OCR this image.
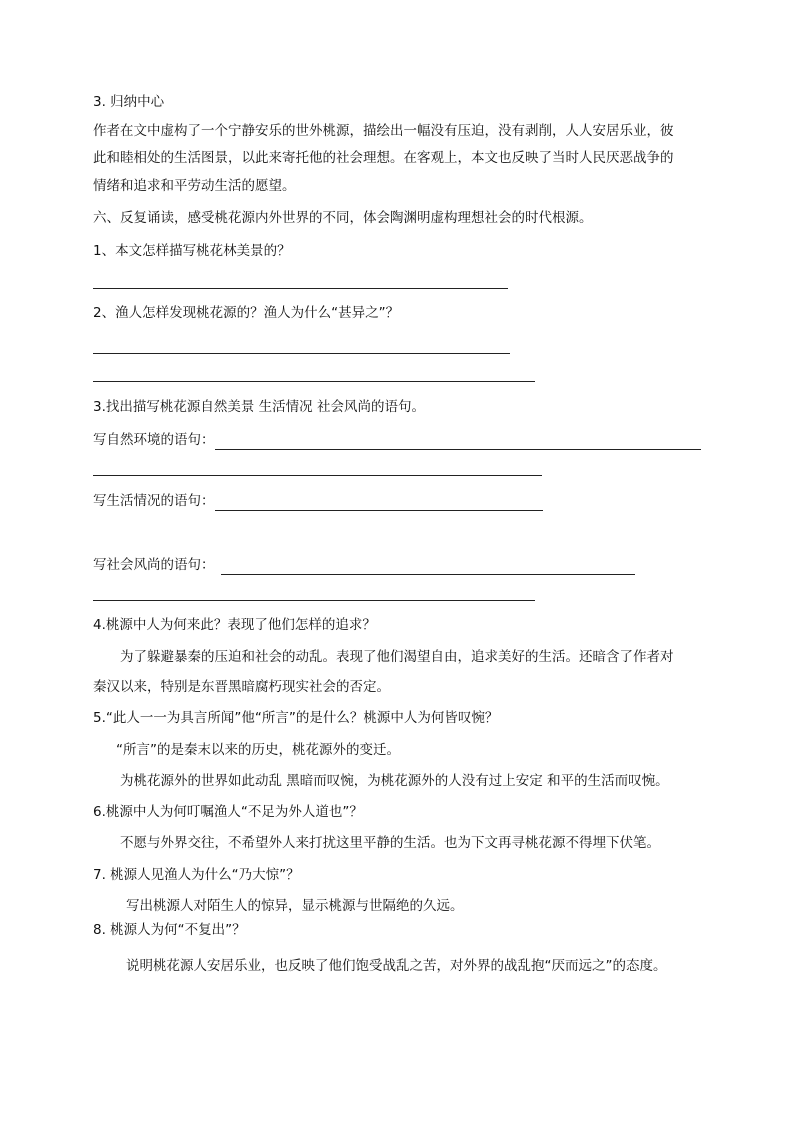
3. 归纳中心
作者在文中虚构了一个宁静安乐的世外桃源，描绘出一幅没有压迫，没有剥削，人人安居乐业，彼
此和睦相处的生活图景，以此来寄托他的社会理想。在客观上，本文也反映了当时人民厌恶战争的
情绪和追求和平劳动生活的愿望。
六、反复诵读，感受桃花源内外世界的不同，体会陶渊明虚构理想社会的时代根源。
1、本文怎样描写桃花林美景的？
2、渔人怎样发现桃花源的？渔人为什么“甚异之”？
3.找出描写桃花源自然美景 生活情况 社会风尚的语句。
写自然环境的语句：
写生活情况的语句：
写社会风尚的语句：
4.桃源中人为何来此？表现了他们怎样的追求？
为了躲避暴秦的压迫和社会的动乱。表现了他们渴望自由，追求美好的生活。还暗含了作者对
秦汉以来，特别是东晋黑暗腐朽现实社会的否定。
5.“此人一一为具言所闻”他“所言”的是什么？桃源中人为何皆叹惋？
“所言”的是秦末以来的历史，桃花源外的变迁。
为桃花源外的世界如此动乱 黑暗而叹惋，为桃花源外的人没有过上安定 和平的生活而叹惋。
6.桃源中人为何叮嘱渔人“不足为外人道也”？
不愿与外界交往，不希望外人来打扰这里平静的生活。也为下文再寻桃花源不得埋下伏笔。
7. 桃源人见渔人为什么“乃大惊”？
写出桃源人对陌生人的惊异，显示桃源与世隔绝的久远。
8. 桃源人为何“不复出”？
说明桃花源人安居乐业，也反映了他们饱受战乱之苦，对外界的战乱抱“厌而远之”的态度。
